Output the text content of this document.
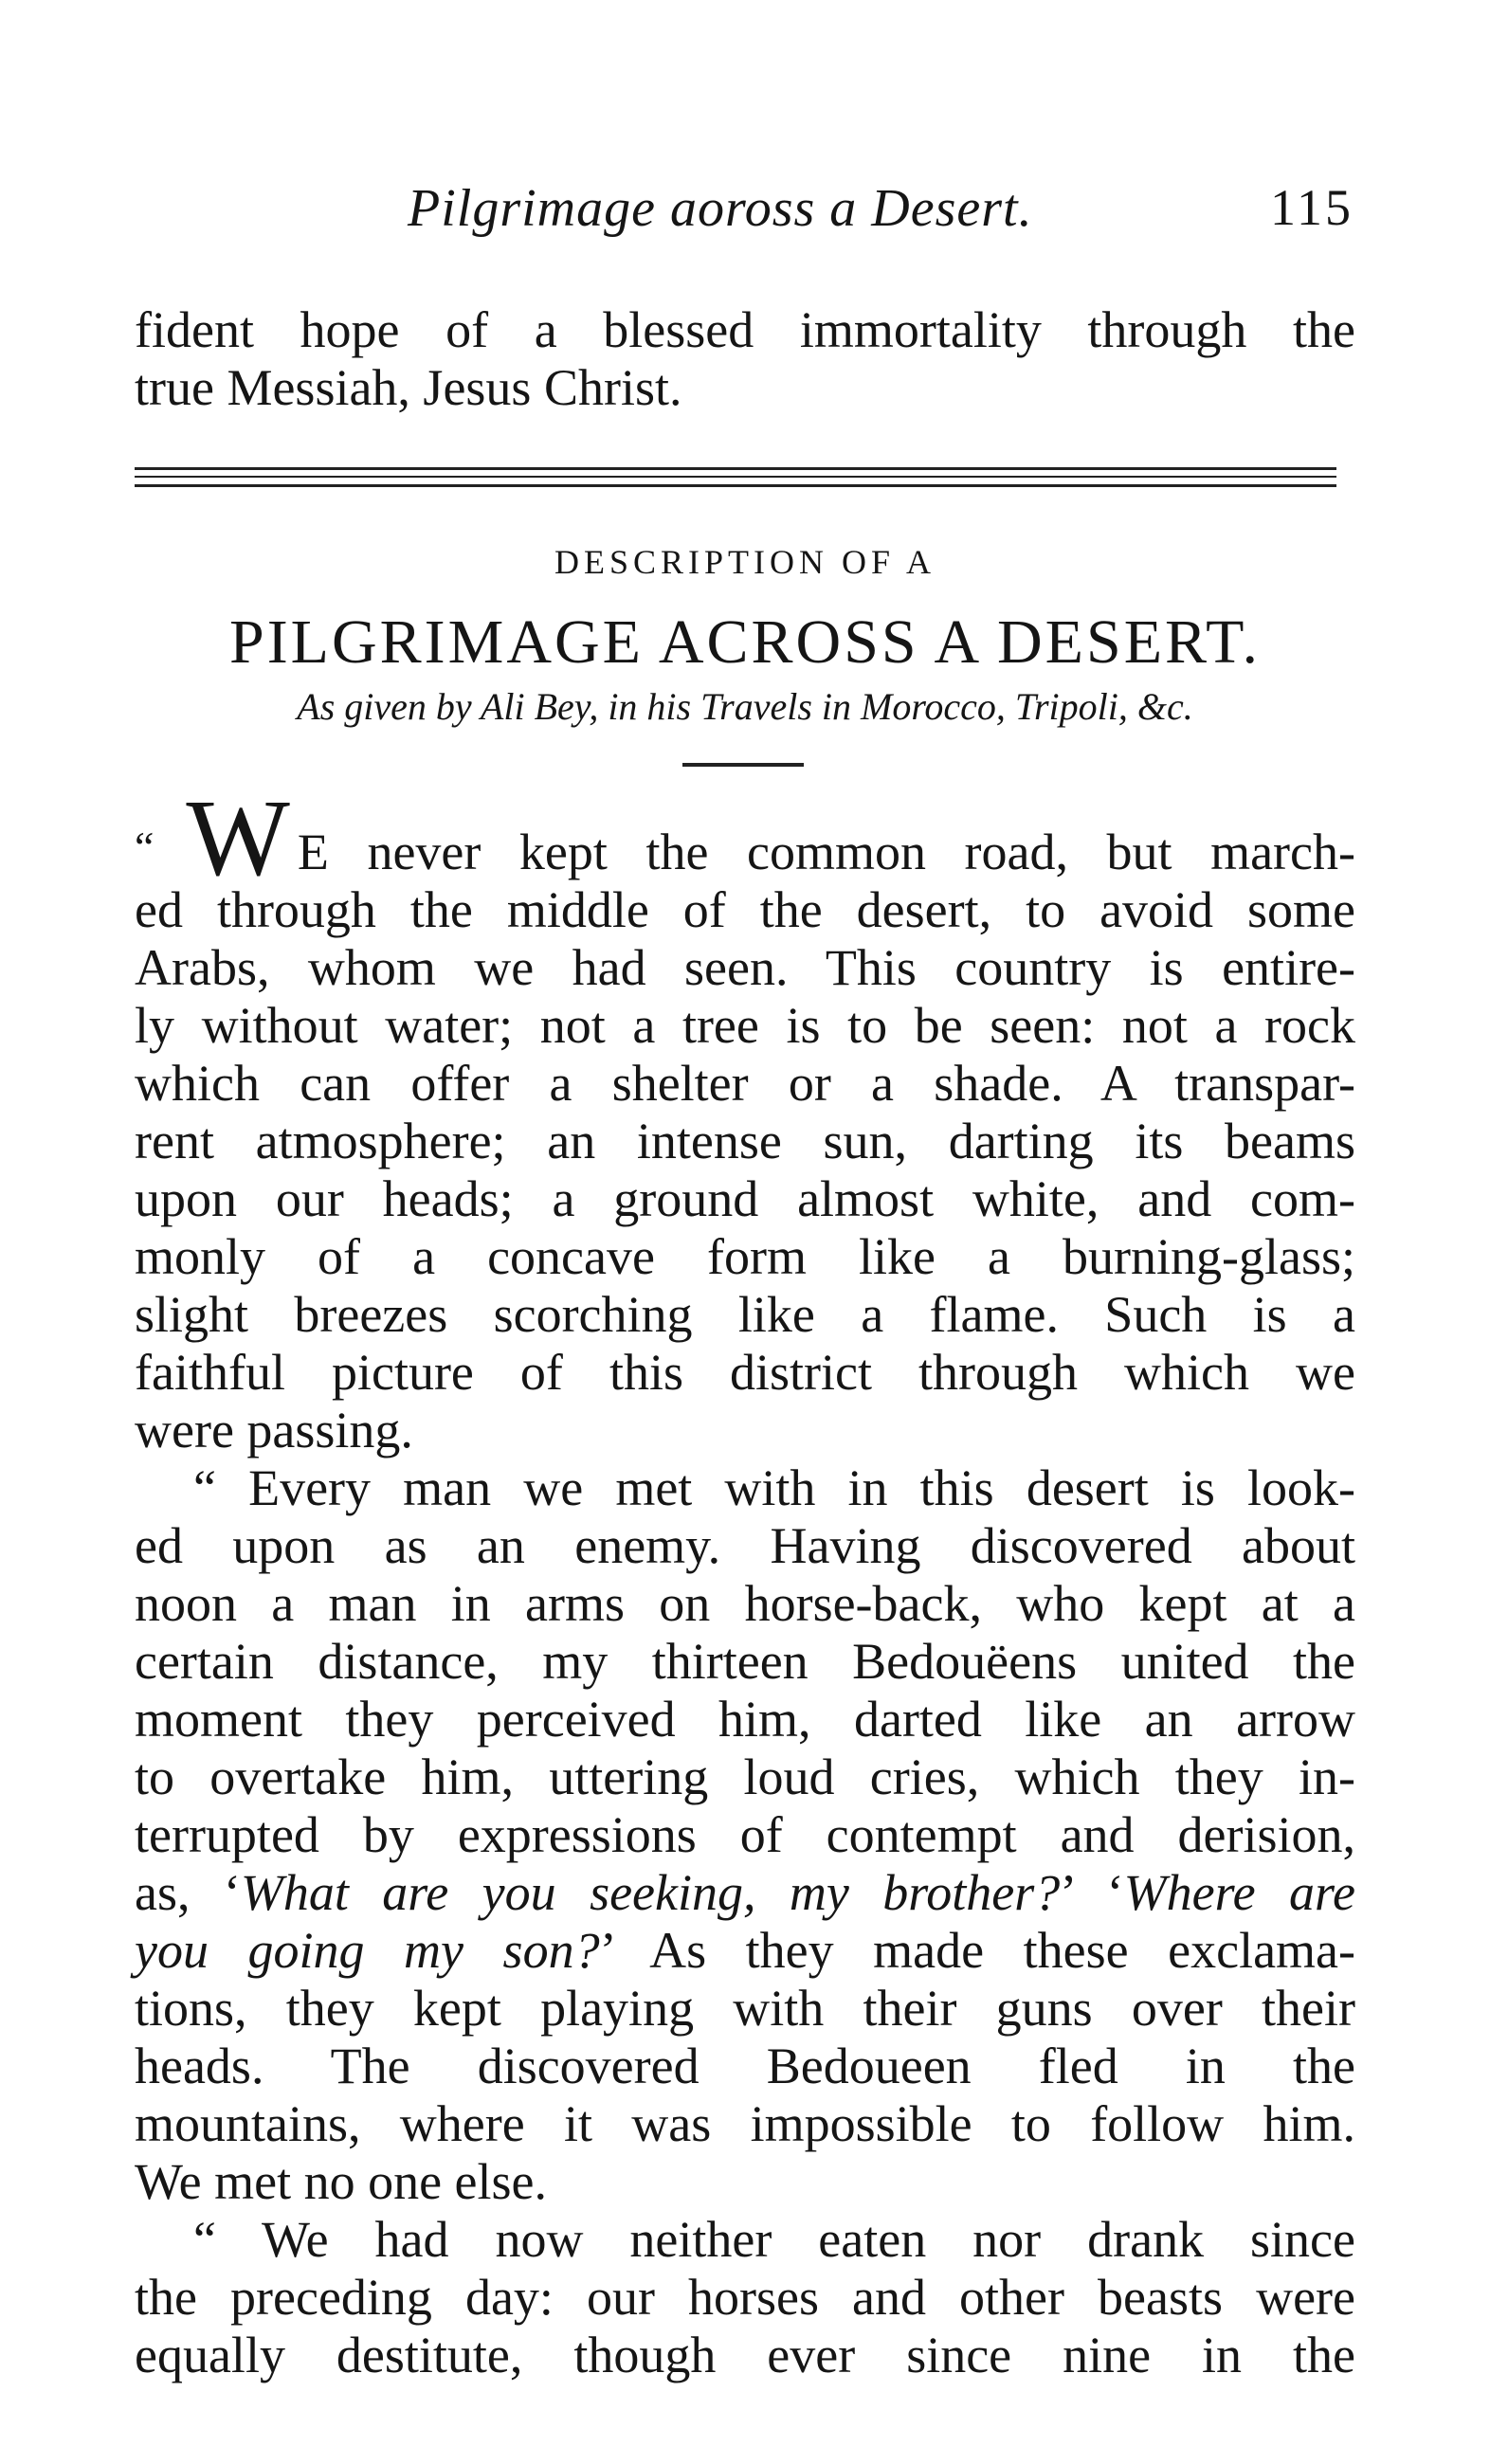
Pilgrimage aoross a Desert.	115
fident hope of a blessed immortality through the
true Messiah, Jesus Christ.
DESCRIPTION OF A
PILGRIMAGE ACROSS A DESERT.
As given by Ali Bey, in his Travels in Morocco, Tripoli, &c.
“ W E never kept the common road, but march-
ed through the middle of the desert, to avoid some
Arabs, whom we had seen. This country is entire-
ly without water; not a tree is to be seen: not a rock
which can offer a shelter or a shade. A transpar-
rent atmosphere; an intense sun, darting its beams
upon our heads; a ground almost white, and com-
monly of a concave form like a burning-glass;
slight breezes scorching like a flame. Such is a
faithful picture of this district through which we
were passing.
“ Every man we met with in this desert is look-
ed upon as an enemy. Having discovered about
noon a man in arms on horse-back, who kept at a
certain distance, my thirteen Bedouëens united the
moment they perceived him, darted like an arrow
to overtake him, uttering loud cries, which they in-
terrupted by expressions of contempt and derision,
as, ‘What are you seeking, my brother?’ ‘Where are
you going my son?’ As they made these exclama-
tions, they kept playing with their guns over their
heads. The discovered Bedoueen fled in the
mountains, where it was impossible to follow him.
We met no one else.
“ We had now neither eaten nor drank since
the preceding day: our horses and other beasts were
equally destitute, though ever since nine in the
